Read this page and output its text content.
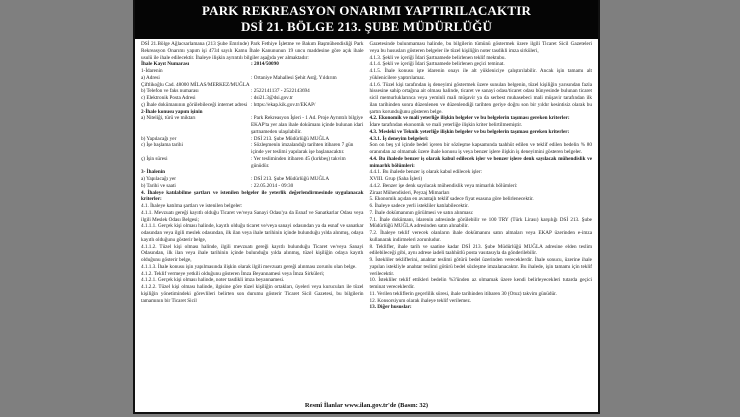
PARK REKREASYON ONARIMI YAPTIRILACAKTIR
DSİ 21. BÖLGE 213. ŞUBE MÜDÜRLÜĞÜ

DSİ 21.Bölge Ağlacsarlamana (213 Şube Emrinde) Park Fethiye İşletme ve Bakım Başmühendisliği Park Rekreasyon Onarımı yapım işi 4734 sayılı Kamu İhale Kanununun 19 uncu maddesine göre açık ihale usulü ile ihale edilecektir. İhaleye ilişkin ayrıntılı bilgiler aşağıda yer almaktadır:

İhale Kayıt Numarası	: 2014/50090

1-İdarenin

a) Adresi	: Ortaniye Mahallesi Şehit Astğ. Yıldırım

Çiftlikoğlu Cad. 48000 MİLAS/MERKEZ/MUĞLA

b) Telefon ve faks numarası	: 2522141137 - 2522143694
c) Elektronik Posta Adresi	: dsi21.3@dsi.gov.tr
ç) İhale dokümanının görülebileceği internet adresi : https://ekap.kik.gov.tr/EKAP/

2-İhale konusu yapım işinin

a) Niteliği, türü ve miktarı	: Park Rekreasyon İşleri - 1 Ad. Proje Ayrıntılı bilgiye EKAP'ta yer alan ihale dokümanı içinde bulunan idari şartnameden ulaşılabilir.
b) Yapılacağı yer	: DSİ 213. Şube Müdürlüğü MUĞLA
c) İşe başlama tarihi	: Sözleşmenin imzalandığı tarihten itibaren 7 gün içinde yer teslimi yapılarak işe başlanacaktır.
ç) İşin süresi	: Yer tesliminden itibaren 45 (kırkbeş) takvim günüdür.

3- İhalenin

a) Yapılacağı yer	: DSİ 213. Şube Müdürlüğü MUĞLA
b) Tarihi ve saati	: 22.05.2014 - 09:30

4. İhaleye katılabilme şartları ve istenilen belgeler ile yeterlik değerlendirmesinde uygulanacak kriterler:

4.1. İhaleye katılma şartları ve istenilen belgeler:

4.1.1. Mevzuatı gereği kayıtlı olduğu Ticaret ve/veya Sanayi Odası'ya da Esnaf ve Sanatkarlar Odası veya ilgili Meslek Odası Belgesi;

4.1.1.1. Gerçek kişi olması halinde, kayıtlı olduğu ticaret ve/veya sanayi odasından ya da esnaf ve sanatkar odasından veya ilgili meslek odasından, ilk ilan veya ihale tarihinin içinde bulunduğu yılda alınmış, odaya kayıtlı olduğunu gösterir belge,

4.1.1.2. Tüzel kişi olması halinde, ilgili mevzuatı gereği kayıtlı bulunduğu Ticaret ve/veya Sanayi Odasından, ilk ilan veya ihale tarihinin içinde bulunduğu yılda alınmış, tüzel kişiliğin odaya kayıtlı olduğunu gösterir belge,

4.1.1.3. İhale konusu işin yapılmasında ilişkin olarak ilgili mevzuatı gereği alınması zorunlu olan belge.

4.1.2. Teklif vermeye yetkili olduğunu gösteren İmza Beyannamesi veya İmza Sirküleri;

4.1.2.1. Gerçek kişi olması halinde, noter tasdikli imza beyannamesi.

4.1.2.2. Tüzel kişi olması halinde, ilgisine göre tüzel kişiliğin ortakları, üyeleri veya kurucuları ile tüzel kişiliğin yönetimindeki görevlileri belirten son durumu gösterir Ticaret Sicil Gazetesi, bu bilgilerin tamamının bir Ticaret Sicil

Gazetesinde bulunmaması halinde, bu bilgilerin tümünü göstermek üzere ilgili Ticaret Sicil Gazeteleri veya bu hususları gösteren belgeler ile tüzel kişiliğin noter tasdikli imza sirküleri,

4.1.3. Şekli ve içeriği İdari Şartnamede belirlenen teklif mektubu.

4.1.4. Şekli ve içeriği İdari Şartnamede belirlenen geçici teminat.

4.1.5. İhale konusu işte idarenin onayı ile alt yükleniciye çalıştırılabilir. Ancak işin tamamı alt yüklenicilere yaptırılamaz.

4.1.6. Tüzel kişi tarafından iş deneyimi göstermek üzere sunulan belgenin, tüzel kişiliğin yarısından fazla hissesine sahip ortağına ait olması halinde, ticaret ve sanayi odası/ticaret odası bünyesinde bulunan ticaret sicil memurluklarınca veya yeminli mali müşavir ya da serbest muhasebeci mali müşavir tarafından ilk ilan tarihinden sonra düzenlenen ve düzenlendiği tarihten geriye doğru son bir yıldır kesintisiz olarak bu şartın korunduğunu gösteren belge.

4.2. Ekonomik ve mali yeterliğe ilişkin belgeler ve bu belgelerin taşıması gereken kriterler:

İdare tarafından ekonomik ve mali yeterliğe ilişkin kriter belirtilmemiştir.

4.3. Mesleki ve Teknik yeterliğe ilişkin belgeler ve bu belgelerin taşıması gereken kriterler:

4.3.1. İş deneyim belgeleri:

Son on beş yıl içinde bedel içeren bir sözleşme kapsamında taahhüt edilen ve teklif edilen bedelin % 80 oranından az olmamak üzere ihale konusu iş veya benzer işlere ilişkin iş deneyimini gösteren belgeler.

4.4. Bu ihalede benzer iş olarak kabul edilecek işler ve benzer işlere denk sayılacak mühendislik ve mimarlık bölümleri:

4.4.1. Bu ihalede benzer iş olarak kabul edilecek işler:

XVIII. Grup (Saha İşleri)

4.4.2. Benzer işe denk sayılacak mühendislik veya mimarlık bölümleri:

Ziraat Mühendisleri, Peyzaj Mimarları

5. Ekonomik açıdan en avantajlı teklif sadece fiyat esasına göre belirlenecektir.

6. İhaleye sadece yerli istekliler katılabilecektir.

7. İhale dokümanının görülmesi ve satın alınması:

7.1. İhale dokümanı, idarenin adresinde görülebilir ve 100 TRY (Türk Lirası) karşılığı DSİ 213. Şube Müdürlüğü MUĞLA adresinden satın alınabilir.

7.2. İhaleye teklif verecek olanların ihale dokümanını satın almaları veya EKAP üzerinden e-imza kullanarak indirmeleri zorunludur.

8. Teklifler, ihale tarih ve saatine kadar DSİ 213. Şube Müdürlüğü MUĞLA adresine elden teslim edilebileceği gibi, aynı adrese iadeli taahhütlü posta vasıtasıyla da gönderilebilir.

9. İstekliler tekliflerini, anahtar teslimi götürü bedel üzerinden vereceklerdir. İhale sonucu, üzerine ihale yapılan istekliyle anahtar teslimi götürü bedel sözleşme imzalanacaktır. Bu ihalede, işin tamamı için teklif verilecektir.

10. İstekliler teklif ettikleri bedelin %3'ünden az olmamak üzere kendi belirleyecekleri tutarda geçici teminat vereceklerdir.

11. Verilen tekliflerin geçerlilik süresi, ihale tarihinden itibaren 30 (Otuz) takvim günüdür.

12. Konsorsiyum olarak ihaleye teklif verilemez.

13. Diğer hususlar:

Resmî İlanlar www.ilan.gov.tr'de (Basın: 32)
